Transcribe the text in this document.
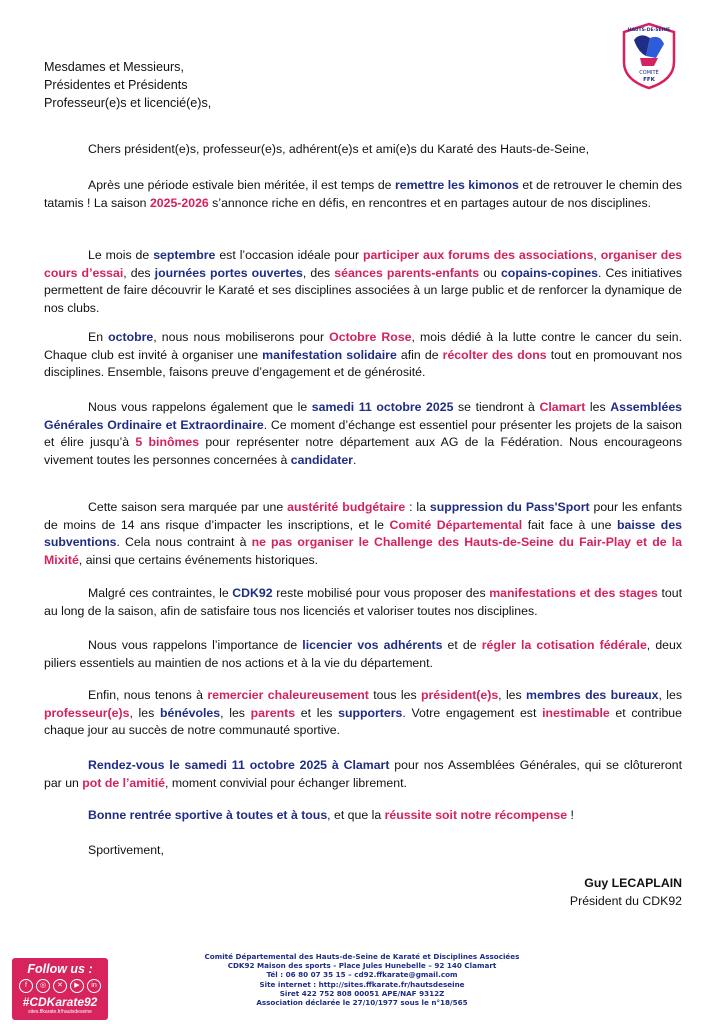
HAUTS-DE-SEINE
COMITÉ
FFK
Mesdames et Messieurs,
Présidentes et Présidents
Professeur(e)s et licencié(e)s,
Chers président(e)s, professeur(e)s, adhérent(e)s et ami(e)s du Karaté des Hauts-de-Seine,
Après une période estivale bien méritée, il est temps de remettre les kimonos et de retrouver le chemin des tatamis ! La saison 2025-2026 s’annonce riche en défis, en rencontres et en partages autour de nos disciplines.
Le mois de septembre est l’occasion idéale pour participer aux forums des associations, organiser des cours d’essai, des journées portes ouvertes, des séances parents-enfants ou copains-copines. Ces initiatives permettent de faire découvrir le Karaté et ses disciplines associées à un large public et de renforcer la dynamique de nos clubs.
En octobre, nous nous mobiliserons pour Octobre Rose, mois dédié à la lutte contre le cancer du sein. Chaque club est invité à organiser une manifestation solidaire afin de récolter des dons tout en promouvant nos disciplines. Ensemble, faisons preuve d’engagement et de générosité.
Nous vous rappelons également que le samedi 11 octobre 2025 se tiendront à Clamart les Assemblées Générales Ordinaire et Extraordinaire. Ce moment d’échange est essentiel pour présenter les projets de la saison et élire jusqu’à 5 binômes pour représenter notre département aux AG de la Fédération. Nous encourageons vivement toutes les personnes concernées à candidater.
Cette saison sera marquée par une austérité budgétaire : la suppression du Pass'Sport pour les enfants de moins de 14 ans risque d’impacter les inscriptions, et le Comité Départemental fait face à une baisse des subventions. Cela nous contraint à ne pas organiser le Challenge des Hauts-de-Seine du Fair-Play et de la Mixité, ainsi que certains événements historiques.
Malgré ces contraintes, le CDK92 reste mobilisé pour vous proposer des manifestations et des stages tout au long de la saison, afin de satisfaire tous nos licenciés et valoriser toutes nos disciplines.
Nous vous rappelons l’importance de licencier vos adhérents et de régler la cotisation fédérale, deux piliers essentiels au maintien de nos actions et à la vie du département.
Enfin, nous tenons à remercier chaleureusement tous les président(e)s, les membres des bureaux, les professeur(e)s, les bénévoles, les parents et les supporters. Votre engagement est inestimable et contribue chaque jour au succès de notre communauté sportive.
Rendez-vous le samedi 11 octobre 2025 à Clamart pour nos Assemblées Générales, qui se clôtureront par un pot de l’amitié, moment convivial pour échanger librement.
Bonne rentrée sportive à toutes et à tous, et que la réussite soit notre récompense !
Sportivement,
Guy LECAPLAIN
Président du CDK92
Comité Départemental des Hauts-de-Seine de Karaté et Disciplines Associées
CDK92 Maison des sports - Place Jules Hunebelle – 92 140 Clamart
Tél : 06 80 07 35 15 – cd92.ffkarate@gmail.com
Site internet : http://sites.ffkarate.fr/hautsdeseine
Siret 422 752 808 00051 APE/NAF 9312Z
Association déclarée le 27/10/1977 sous le n°18/565
Follow us :
f	◎	✕	▶	in
#CDKarate92
sites.ffkarate.fr/hautsdeseine
